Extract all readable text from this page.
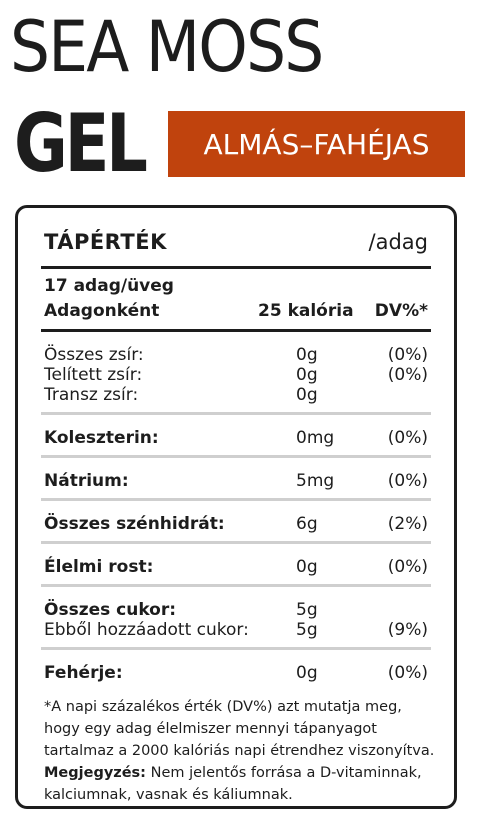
SEA MOSS
GEL ALMÁS–FAHÉJAS
TÁPÉRTÉK	/adag
17 adag/üveg
Adagonként	25 kalória DV%*
Összes zsír:	0g	(0%)
Telített zsír:	0g	(0%)
Transz zsír:	0g
Koleszterin:	0mg	(0%)
Nátrium:	5mg	(0%)
Összes szénhidrát:	6g	(2%)
Élelmi rost:	0g	(0%)
Összes cukor:	5g
Ebből hozzáadott cukor:	5g	(9%)
Fehérje:	0g	(0%)

*A napi százalékos érték (DV%) azt mutatja meg,

hogy egy adag élelmiszer mennyi tápanyagot

tartalmaz a 2000 kalóriás napi étrendhez viszonyítva.

Megjegyzés: Nem jelentős forrása a D-vitaminnak,

kalciumnak, vasnak és káliumnak.
